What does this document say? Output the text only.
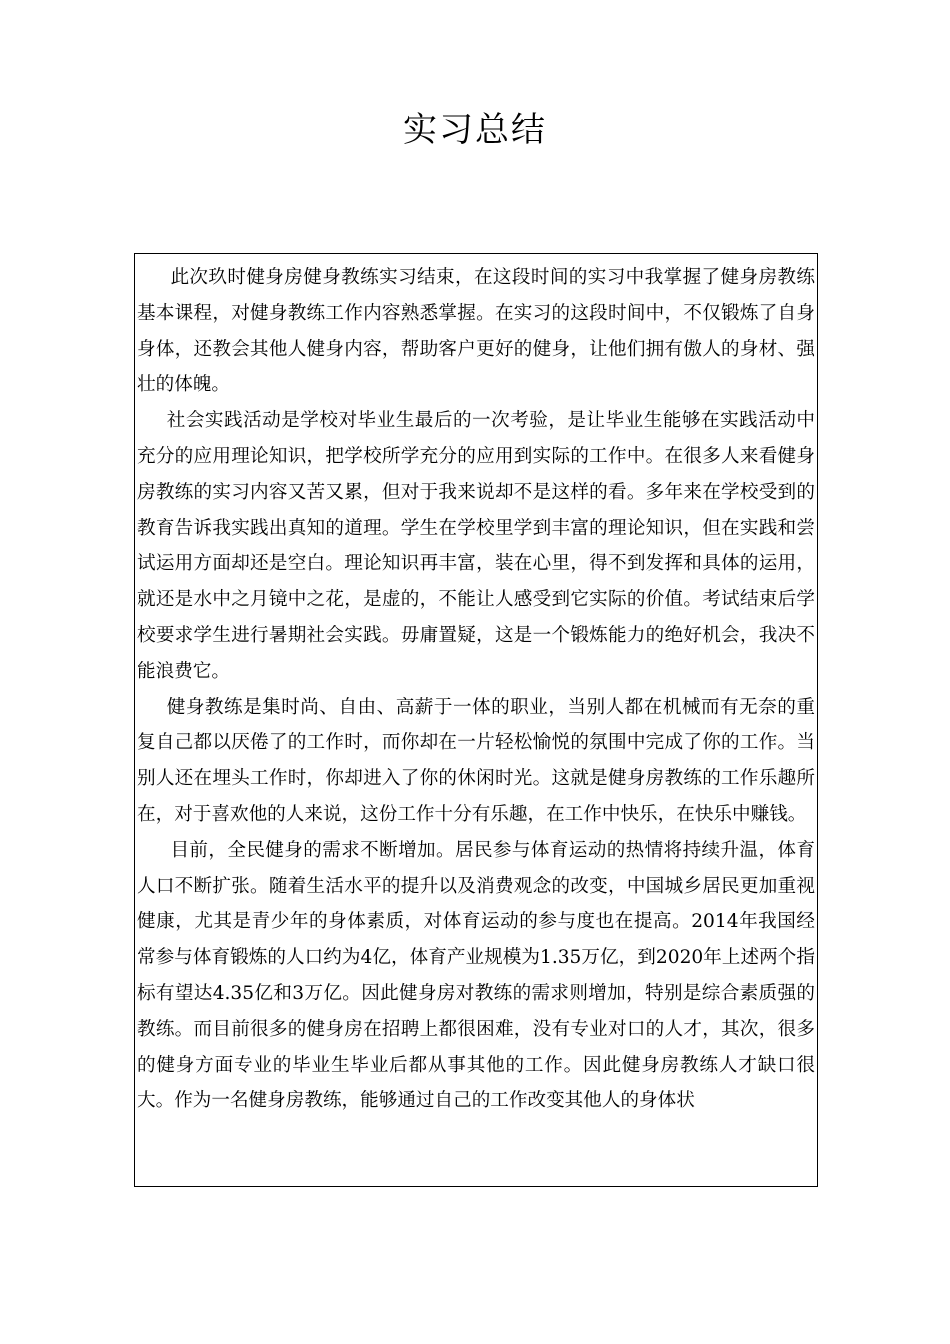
实习总结

此次玖时健身房健身教练实习结束，在这段时间的实习中我掌握了健身房教练基本课程，对健身教练工作内容熟悉掌握。在实习的这段时间中，不仅锻炼了自身身体，还教会其他人健身内容，帮助客户更好的健身，让他们拥有傲人的身材、强壮的体魄。

社会实践活动是学校对毕业生最后的一次考验，是让毕业生能够在实践活动中充分的应用理论知识，把学校所学充分的应用到实际的工作中。在很多人来看健身房教练的实习内容又苦又累，但对于我来说却不是这样的看。多年来在学校受到的教育告诉我实践出真知的道理。学生在学校里学到丰富的理论知识，但在实践和尝试运用方面却还是空白。理论知识再丰富，装在心里，得不到发挥和具体的运用，就还是水中之月镜中之花，是虚的，不能让人感受到它实际的价值。考试结束后学校要求学生进行暑期社会实践。毋庸置疑，这是一个锻炼能力的绝好机会，我决不能浪费它。

健身教练是集时尚、自由、高薪于一体的职业，当别人都在机械而有无奈的重复自己都以厌倦了的工作时，而你却在一片轻松愉悦的氛围中完成了你的工作。当别人还在埋头工作时，你却进入了你的休闲时光。这就是健身房教练的工作乐趣所在，对于喜欢他的人来说，这份工作十分有乐趣，在工作中快乐，在快乐中赚钱。

目前，全民健身的需求不断增加。居民参与体育运动的热情将持续升温，体育人口不断扩张。随着生活水平的提升以及消费观念的改变，中国城乡居民更加重视健康，尤其是青少年的身体素质，对体育运动的参与度也在提高。2014年我国经常参与体育锻炼的人口约为4亿，体育产业规模为1.35万亿，到2020年上述两个指标有望达4.35亿和3万亿。因此健身房对教练的需求则增加，特别是综合素质强的教练。而目前很多的健身房在招聘上都很困难，没有专业对口的人才，其次，很多的健身方面专业的毕业生毕业后都从事其他的工作。因此健身房教练人才缺口很大。作为一名健身房教练，能够通过自己的工作改变其他人的身体状
